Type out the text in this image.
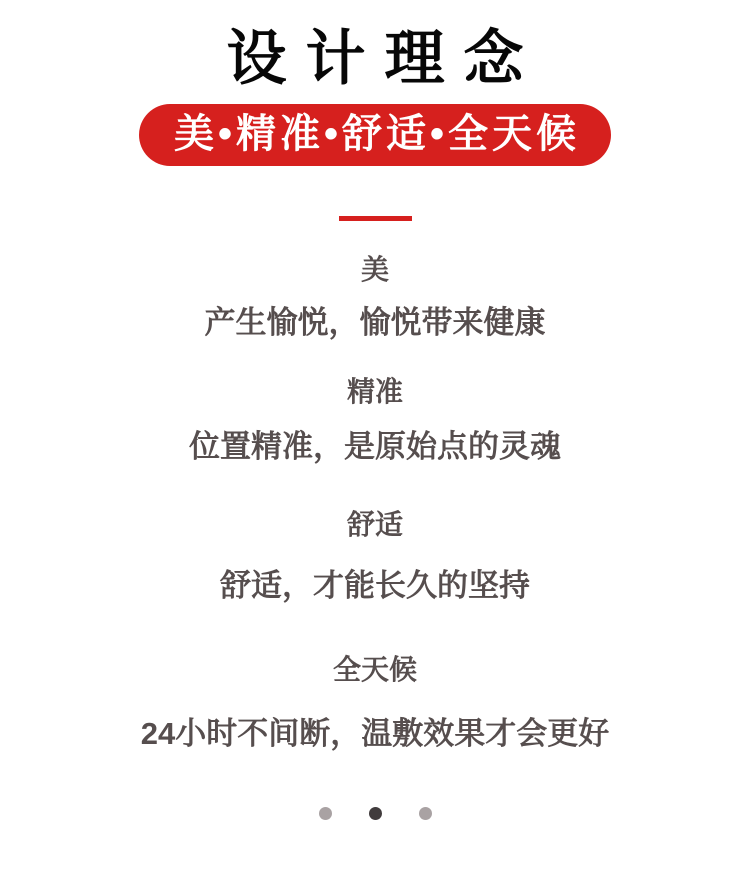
设计理念
美•精准•舒适•全天候
美
产生愉悦，愉悦带来健康
精准
位置精准，是原始点的灵魂
舒适
舒适，才能长久的坚持
全天候
24小时不间断，温敷效果才会更好
